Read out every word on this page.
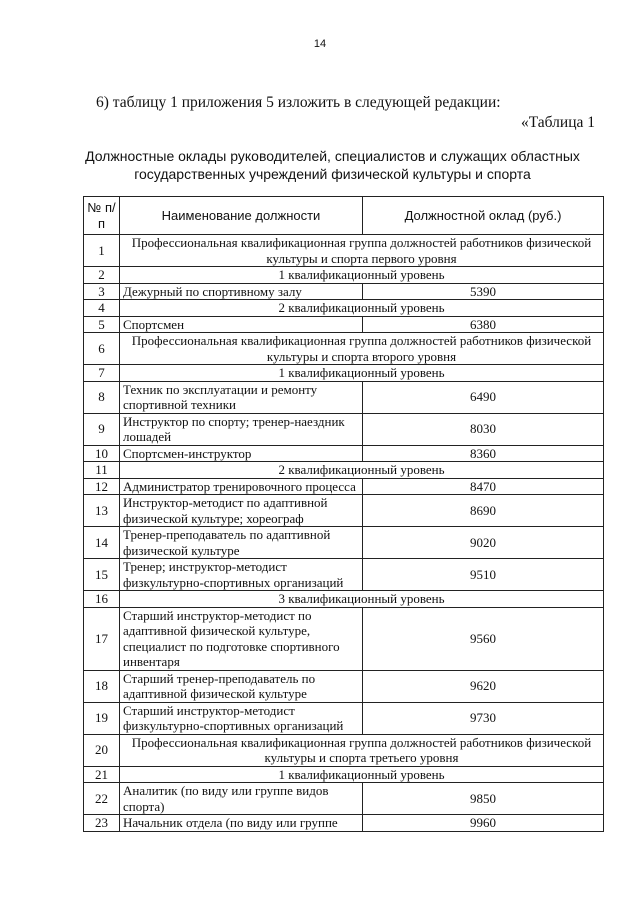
14
6) таблицу 1 приложения 5 изложить в следующей редакции:
«Таблица 1
Должностные оклады руководителей, специалистов и служащих областных
государственных учреждений физической культуры и спорта
№ п/п	Наименование должности	Должностной оклад (руб.)
1	Профессиональная квалификационная группа должностей работников физической культуры и спорта первого уровня	
2	1 квалификационный уровень	
3	Дежурный по спортивному залу	5390
4	2 квалификационный уровень	
5	Спортсмен	6380
6	Профессиональная квалификационная группа должностей работников физической культуры и спорта второго уровня	
7	1 квалификационный уровень	
8	Техник по эксплуатации и ремонту спортивной техники	6490
9	Инструктор по спорту; тренер-наездник лошадей	8030
10	Спортсмен-инструктор	8360
11	2 квалификационный уровень	
12	Администратор тренировочного процесса	8470
13	Инструктор-методист по адаптивной физической культуре; хореограф	8690
14	Тренер-преподаватель по адаптивной физической культуре	9020
15	Тренер; инструктор-методист физкультурно-спортивных организаций	9510
16	3 квалификационный уровень	
17	Старший инструктор-методист по адаптивной физической культуре, специалист по подготовке спортивного инвентаря	9560
18	Старший тренер-преподаватель по адаптивной физической культуре	9620
19	Старший инструктор-методист физкультурно-спортивных организаций	9730
20	Профессиональная квалификационная группа должностей работников физической культуры и спорта третьего уровня	
21	1 квалификационный уровень	
22	Аналитик (по виду или группе видов спорта)	9850
23	Начальник отдела (по виду или группе	9960
